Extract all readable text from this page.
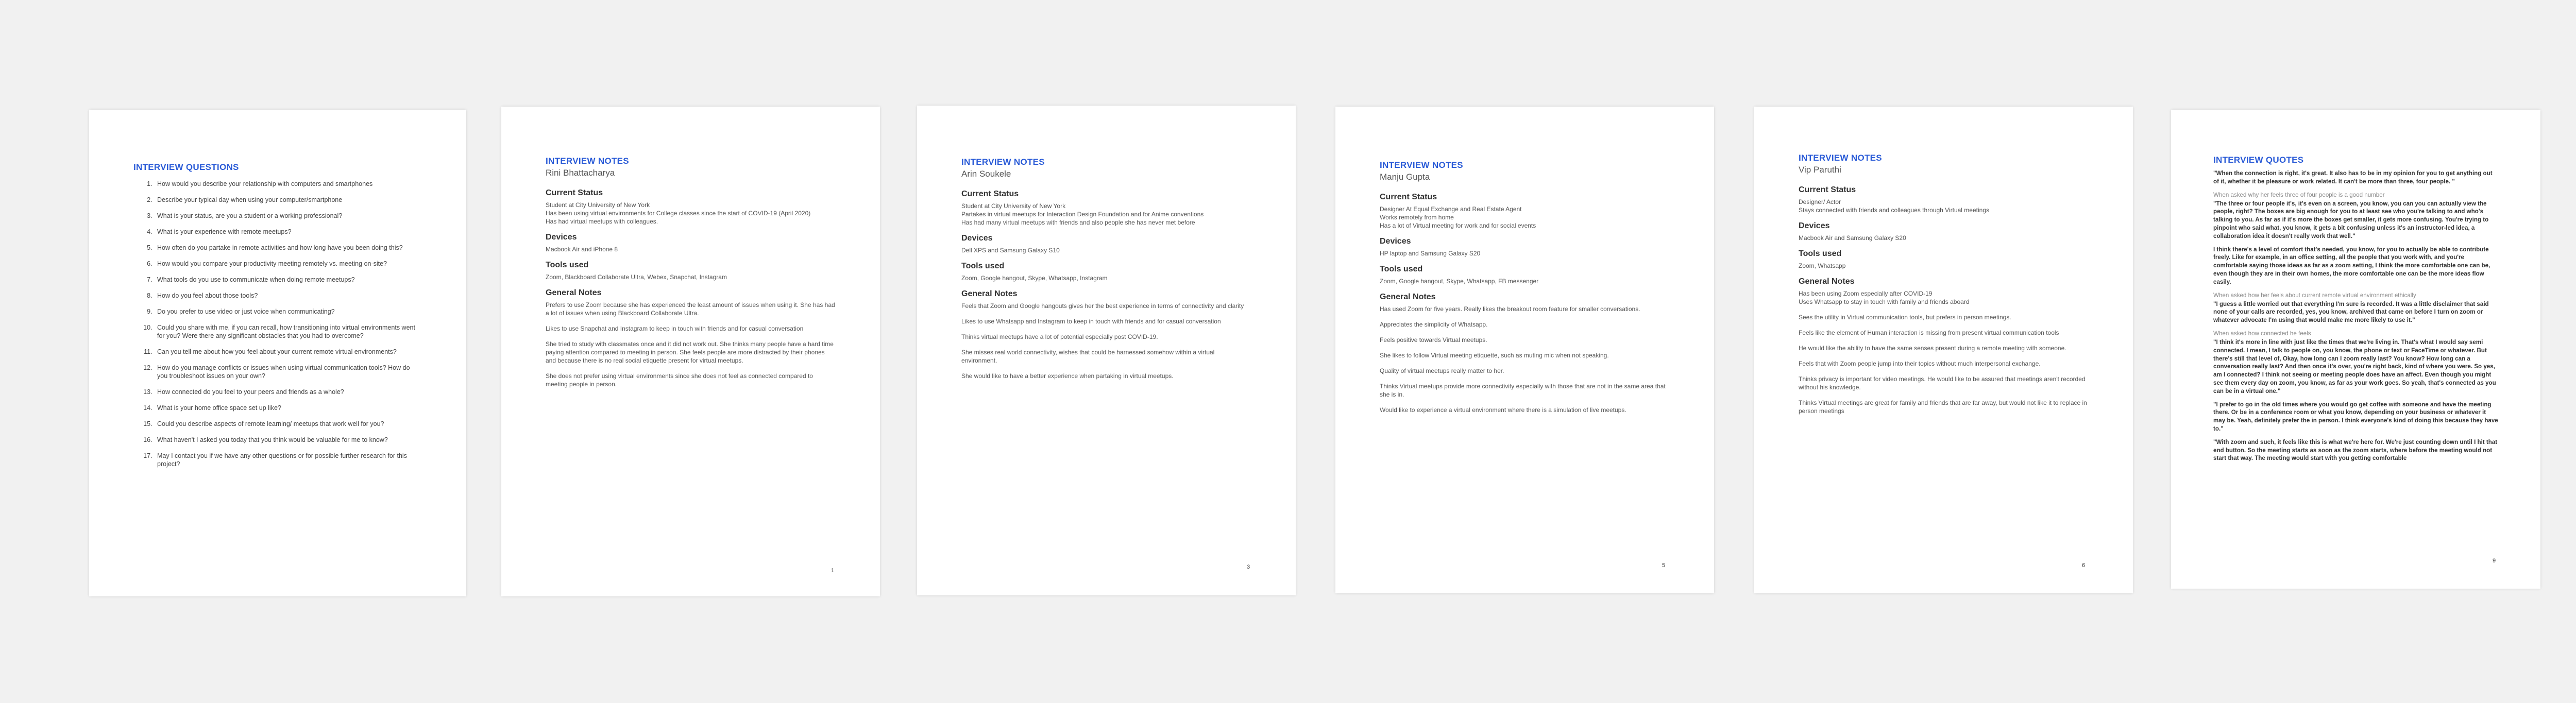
INTERVIEW QUESTIONS

1. How would you describe your relationship with computers and smartphones
2. Describe your typical day when using your computer/smartphone
3. What is your status, are you a student or a working professional?
4. What is your experience with remote meetups?
5. How often do you partake in remote activities and how long have you been doing this?
6. How would you compare your productivity meeting remotely vs. meeting on-site?
7. What tools do you use to communicate when doing remote meetups?
8. How do you feel about those tools?
9. Do you prefer to use video or just voice when communicating?
10. Could you share with me, if you can recall, how transitioning into virtual environments went for you? Were there any significant obstacles that you had to overcome?
11. Can you tell me about how you feel about your current remote virtual environments?
12. How do you manage conflicts or issues when using virtual communication tools? How do you troubleshoot issues on your own?
13. How connected do you feel to your peers and friends as a whole?
14. What is your home office space set up like?
15. Could you describe aspects of remote learning/ meetups that work well for you?
16. What haven't I asked you today that you think would be valuable for me to know?
17. May I contact you if we have any other questions or for possible further research for this project?

INTERVIEW NOTES

Rini Bhattacharya

Current Status

Student at City University of New York

Has been using virtual environments for College classes since the start of COVID-19 (April 2020)

Has had virtual meetups with colleagues.

Devices

Macbook Air and iPhone 8

Tools used

Zoom, Blackboard Collaborate Ultra, Webex, Snapchat, Instagram

General Notes

Prefers to use Zoom because she has experienced the least amount of issues when using it. She has had a lot of issues when using Blackboard Collaborate Ultra.

Likes to use Snapchat and Instagram to keep in touch with friends and for casual conversation

She tried to study with classmates once and it did not work out. She thinks many people have a hard time paying attention compared to meeting in person. She feels people are more distracted by their phones and because there is no real social etiquette present for virtual meetups.

She does not prefer using virtual environments since she does not feel as connected compared to meeting people in person.

1

INTERVIEW NOTES

Arin Soukele

Current Status

Student at City University of New York

Partakes in virtual meetups for Interaction Design Foundation and for Anime conventions

Has had many virtual meetups with friends and also people she has never met before

Devices

Dell XPS and Samsung Galaxy S10

Tools used

Zoom, Google hangout, Skype, Whatsapp, Instagram

General Notes

Feels that Zoom and Google hangouts gives her the best experience in terms of connectivity and clarity

Likes to use Whatsapp and Instagram to keep in touch with friends and for casual conversation

Thinks virtual meetups have a lot of potential especially post COVID-19.

She misses real world connectivity, wishes that could be harnessed somehow within a virtual environment.

She would like to have a better experience when partaking in virtual meetups.

3

INTERVIEW NOTES

Manju Gupta

Current Status

Designer At Equal Exchange and Real Estate Agent

Works remotely from home

Has a lot of Virtual meeting for work and for social events

Devices

HP laptop and Samsung Galaxy S20

Tools used

Zoom, Google hangout, Skype, Whatsapp, FB messenger

General Notes

Has used Zoom for five years. Really likes the breakout room feature for smaller conversations.

Appreciates the simplicity of Whatsapp.

Feels positive towards Virtual meetups.

She likes to follow Virtual meeting etiquette, such as muting mic when not speaking.

Quality of virtual meetups really matter to her.

Thinks Virtual meetups provide more connectivity especially with those that are not in the same area that she is in.

Would like to experience a virtual environment where there is a simulation of live meetups.

5

INTERVIEW NOTES

Vip Paruthi

Current Status

Designer/ Actor

Stays connected with friends and colleagues through Virtual meetings

Devices

Macbook Air and Samsung Galaxy S20

Tools used

Zoom, Whatsapp

General Notes

Has been using Zoom especially after COVID-19

Uses Whatsapp to stay in touch with family and friends aboard

Sees the utility in Virtual communication tools, but prefers in person meetings.

Feels like the element of Human interaction is missing from present virtual communication tools

He would like the ability to have the same senses present during a remote meeting with someone.

Feels that with Zoom people jump into their topics without much interpersonal exchange.

Thinks privacy is important for video meetings. He would like to be assured that meetings aren't recorded without his knowledge.

Thinks Virtual meetings are great for family and friends that are far away, but would not like it to replace in person meetings

6

INTERVIEW QUOTES

"When the connection is right, it's great. It also has to be in my opinion for you to get anything out of it, whether it be pleasure or work related. It can't be more than three, four people. "

When asked why her feels three of four people is a good number

"The three or four people it's, it's even on a screen, you know, you can you can actually view the people, right? The boxes are big enough for you to at least see who you're talking to and who's talking to you. As far as if it's more the boxes get smaller, it gets more confusing. You're trying to pinpoint who said what, you know, it gets a bit confusing unless it's an instructor-led idea, a collaboration idea it doesn't really work that well."

I think there's a level of comfort that's needed, you know, for you to actually be able to contribute freely. Like for example, in an office setting, all the people that you work with, and you're comfortable saying those ideas as far as a zoom setting, I think the more comfortable one can be, even though they are in their own homes, the more comfortable one can be the more ideas flow easily.

When asked how her feels about current remote virtual environment ethically

"I guess a little worried out that everything I'm sure is recorded. It was a little disclaimer that said none of your calls are recorded, yes, you know, archived that came on before I turn on zoom or whatever advocate I'm using that would make me more likely to use it."

When asked how connected he feels

"I think it's more in line with just like the times that we're living in. That's what I would say semi connected. I mean, I talk to people on, you know, the phone or text or FaceTime or whatever. But there's still that level of, Okay, how long can I zoom really last? You know? How long can a conversation really last? And then once it's over, you're right back, kind of where you were. So yes, am I connected? I think not seeing or meeting people does have an affect. Even though you might see them every day on zoom, you know, as far as your work goes. So yeah, that's connected as you can be in a virtual one."

"I prefer to go in the old times where you would go get coffee with someone and have the meeting there. Or be in a conference room or what you know, depending on your business or whatever it may be. Yeah, definitely prefer the in person. I think everyone's kind of doing this because they have to."

"With zoom and such, it feels like this is what we're here for. We're just counting down until I hit that end button. So the meeting starts as soon as the zoom starts, where before the meeting would not start that way. The meeting would start with you getting comfortable

9
